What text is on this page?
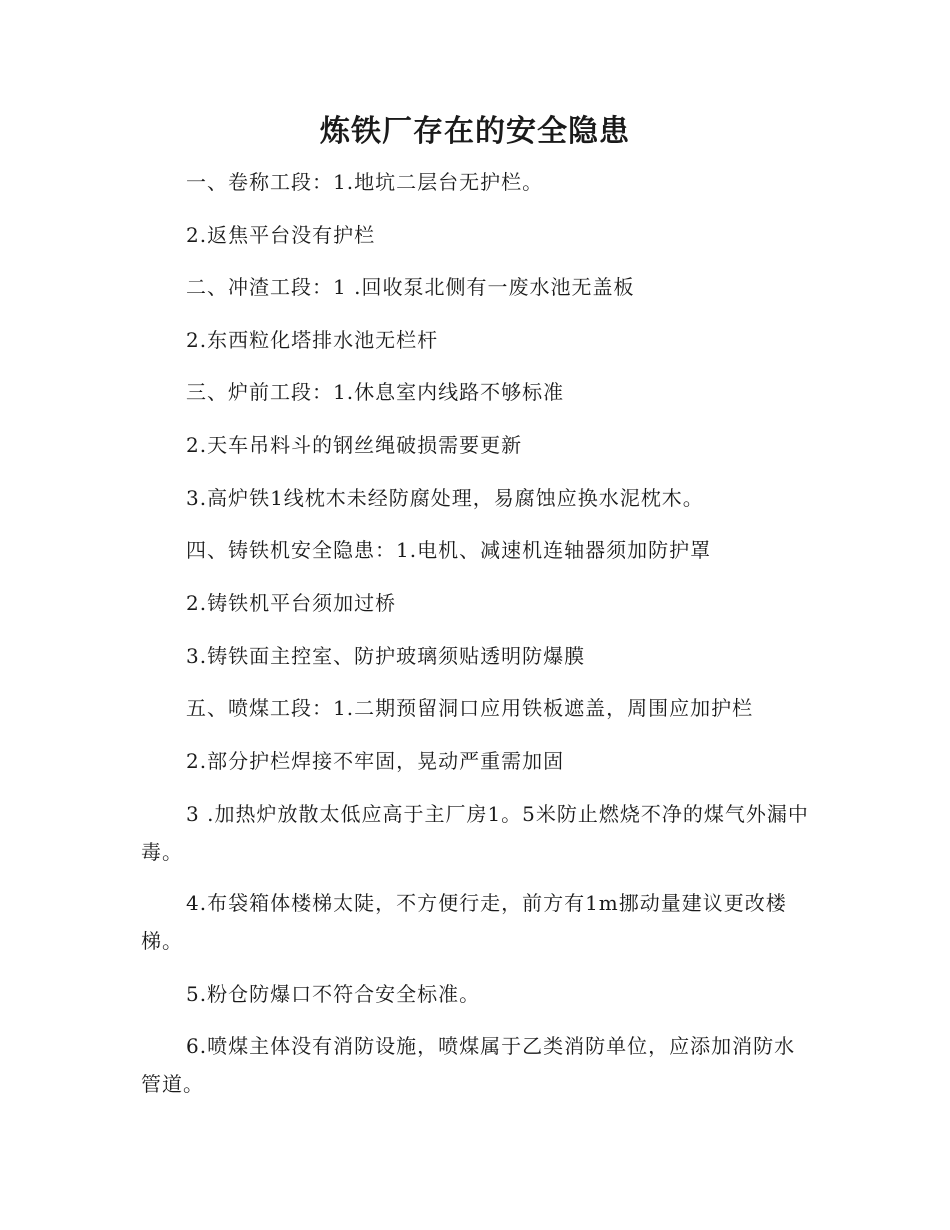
炼铁厂存在的安全隐患

一、卷称工段：1.地坑二层台无护栏。

2.返焦平台没有护栏

二、冲渣工段：1 .回收泵北侧有一废水池无盖板

2.东西粒化塔排水池无栏杆

三、炉前工段：1.休息室内线路不够标准

2.天车吊料斗的钢丝绳破损需要更新

3.高炉铁1线枕木未经防腐处理，易腐蚀应换水泥枕木。

四、铸铁机安全隐患：1.电机、减速机连轴器须加防护罩

2.铸铁机平台须加过桥

3.铸铁面主控室、防护玻璃须贴透明防爆膜

五、喷煤工段：1.二期预留洞口应用铁板遮盖，周围应加护栏

2.部分护栏焊接不牢固，晃动严重需加固

3 .加热炉放散太低应高于主厂房1。5米防止燃烧不净的煤气外漏中毒。

4.布袋箱体楼梯太陡，不方便行走，前方有1m挪动量建议更改楼梯。

5.粉仓防爆口不符合安全标准。

6.喷煤主体没有消防设施，喷煤属于乙类消防单位，应添加消防水管道。
